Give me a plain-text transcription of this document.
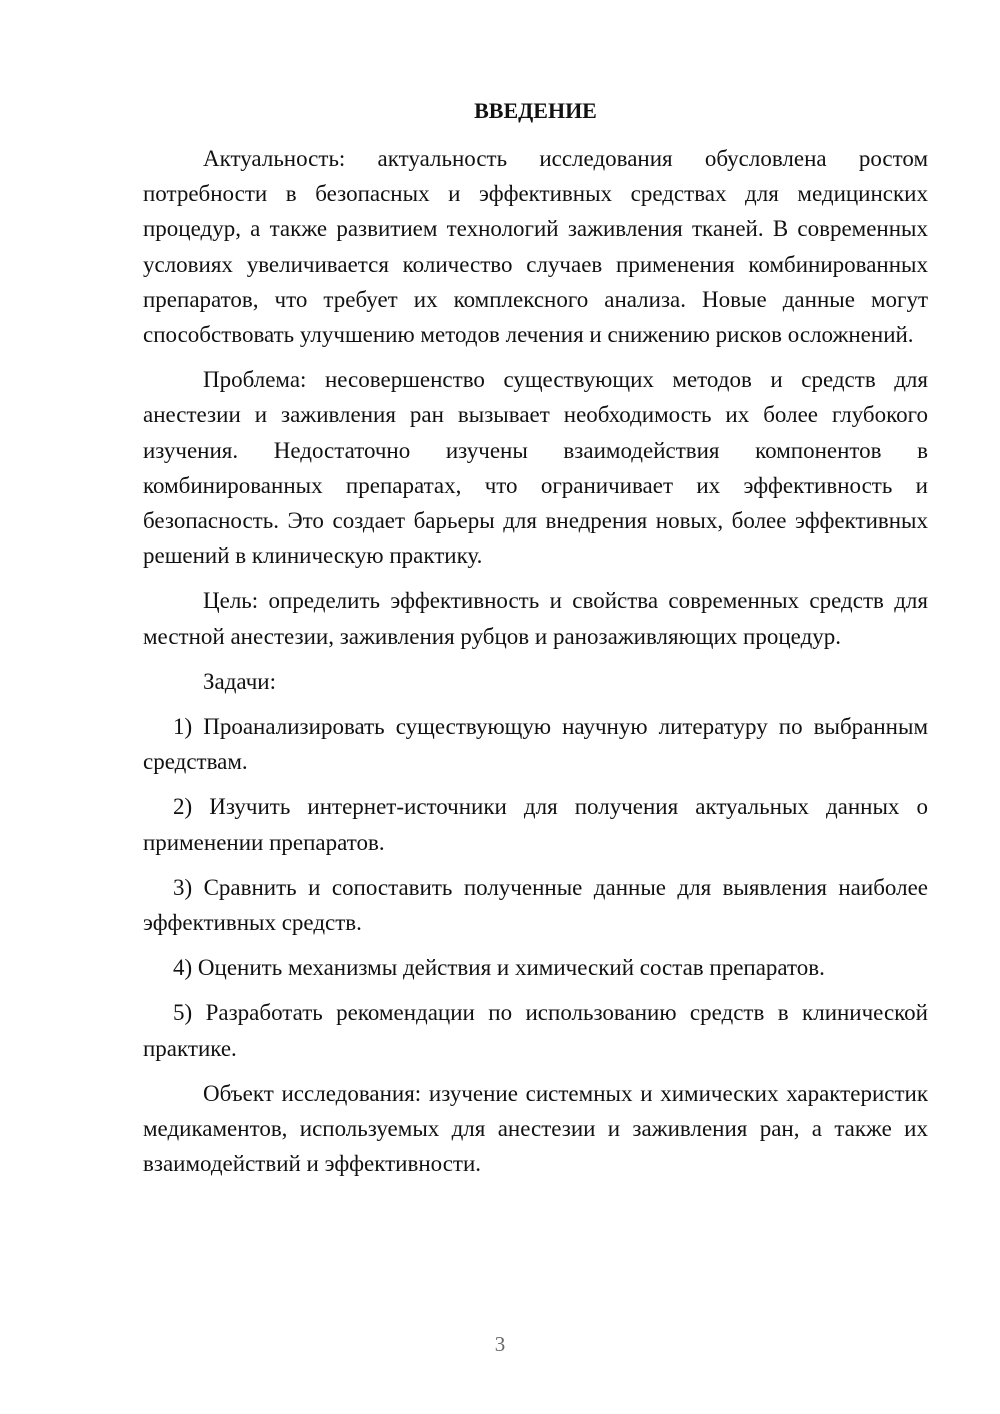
ВВЕДЕНИЕ

Актуальность: актуальность исследования обусловлена ростом потребности в безопасных и эффективных средствах для медицинских процедур, а также развитием технологий заживления тканей. В современных условиях увеличивается количество случаев применения комбинированных препаратов, что требует их комплексного анализа. Новые данные могут способствовать улучшению методов лечения и снижению рисков осложнений.

Проблема: несовершенство существующих методов и средств для анестезии и заживления ран вызывает необходимость их более глубокого изучения. Недостаточно изучены взаимодействия компонентов в комбинированных препаратах, что ограничивает их эффективность и безопасность. Это создает барьеры для внедрения новых, более эффективных решений в клиническую практику.

Цель: определить эффективность и свойства современных средств для местной анестезии, заживления рубцов и ранозаживляющих процедур.

Задачи:

1) Проанализировать существующую научную литературу по выбранным средствам.

2) Изучить интернет-источники для получения актуальных данных о применении препаратов.

3) Сравнить и сопоставить полученные данные для выявления наиболее эффективных средств.

4) Оценить механизмы действия и химический состав препаратов.

5) Разработать рекомендации по использованию средств в клинической практике.

Объект исследования: изучение системных и химических характеристик медикаментов, используемых для анестезии и заживления ран, а также их взаимодействий и эффективности.

3
